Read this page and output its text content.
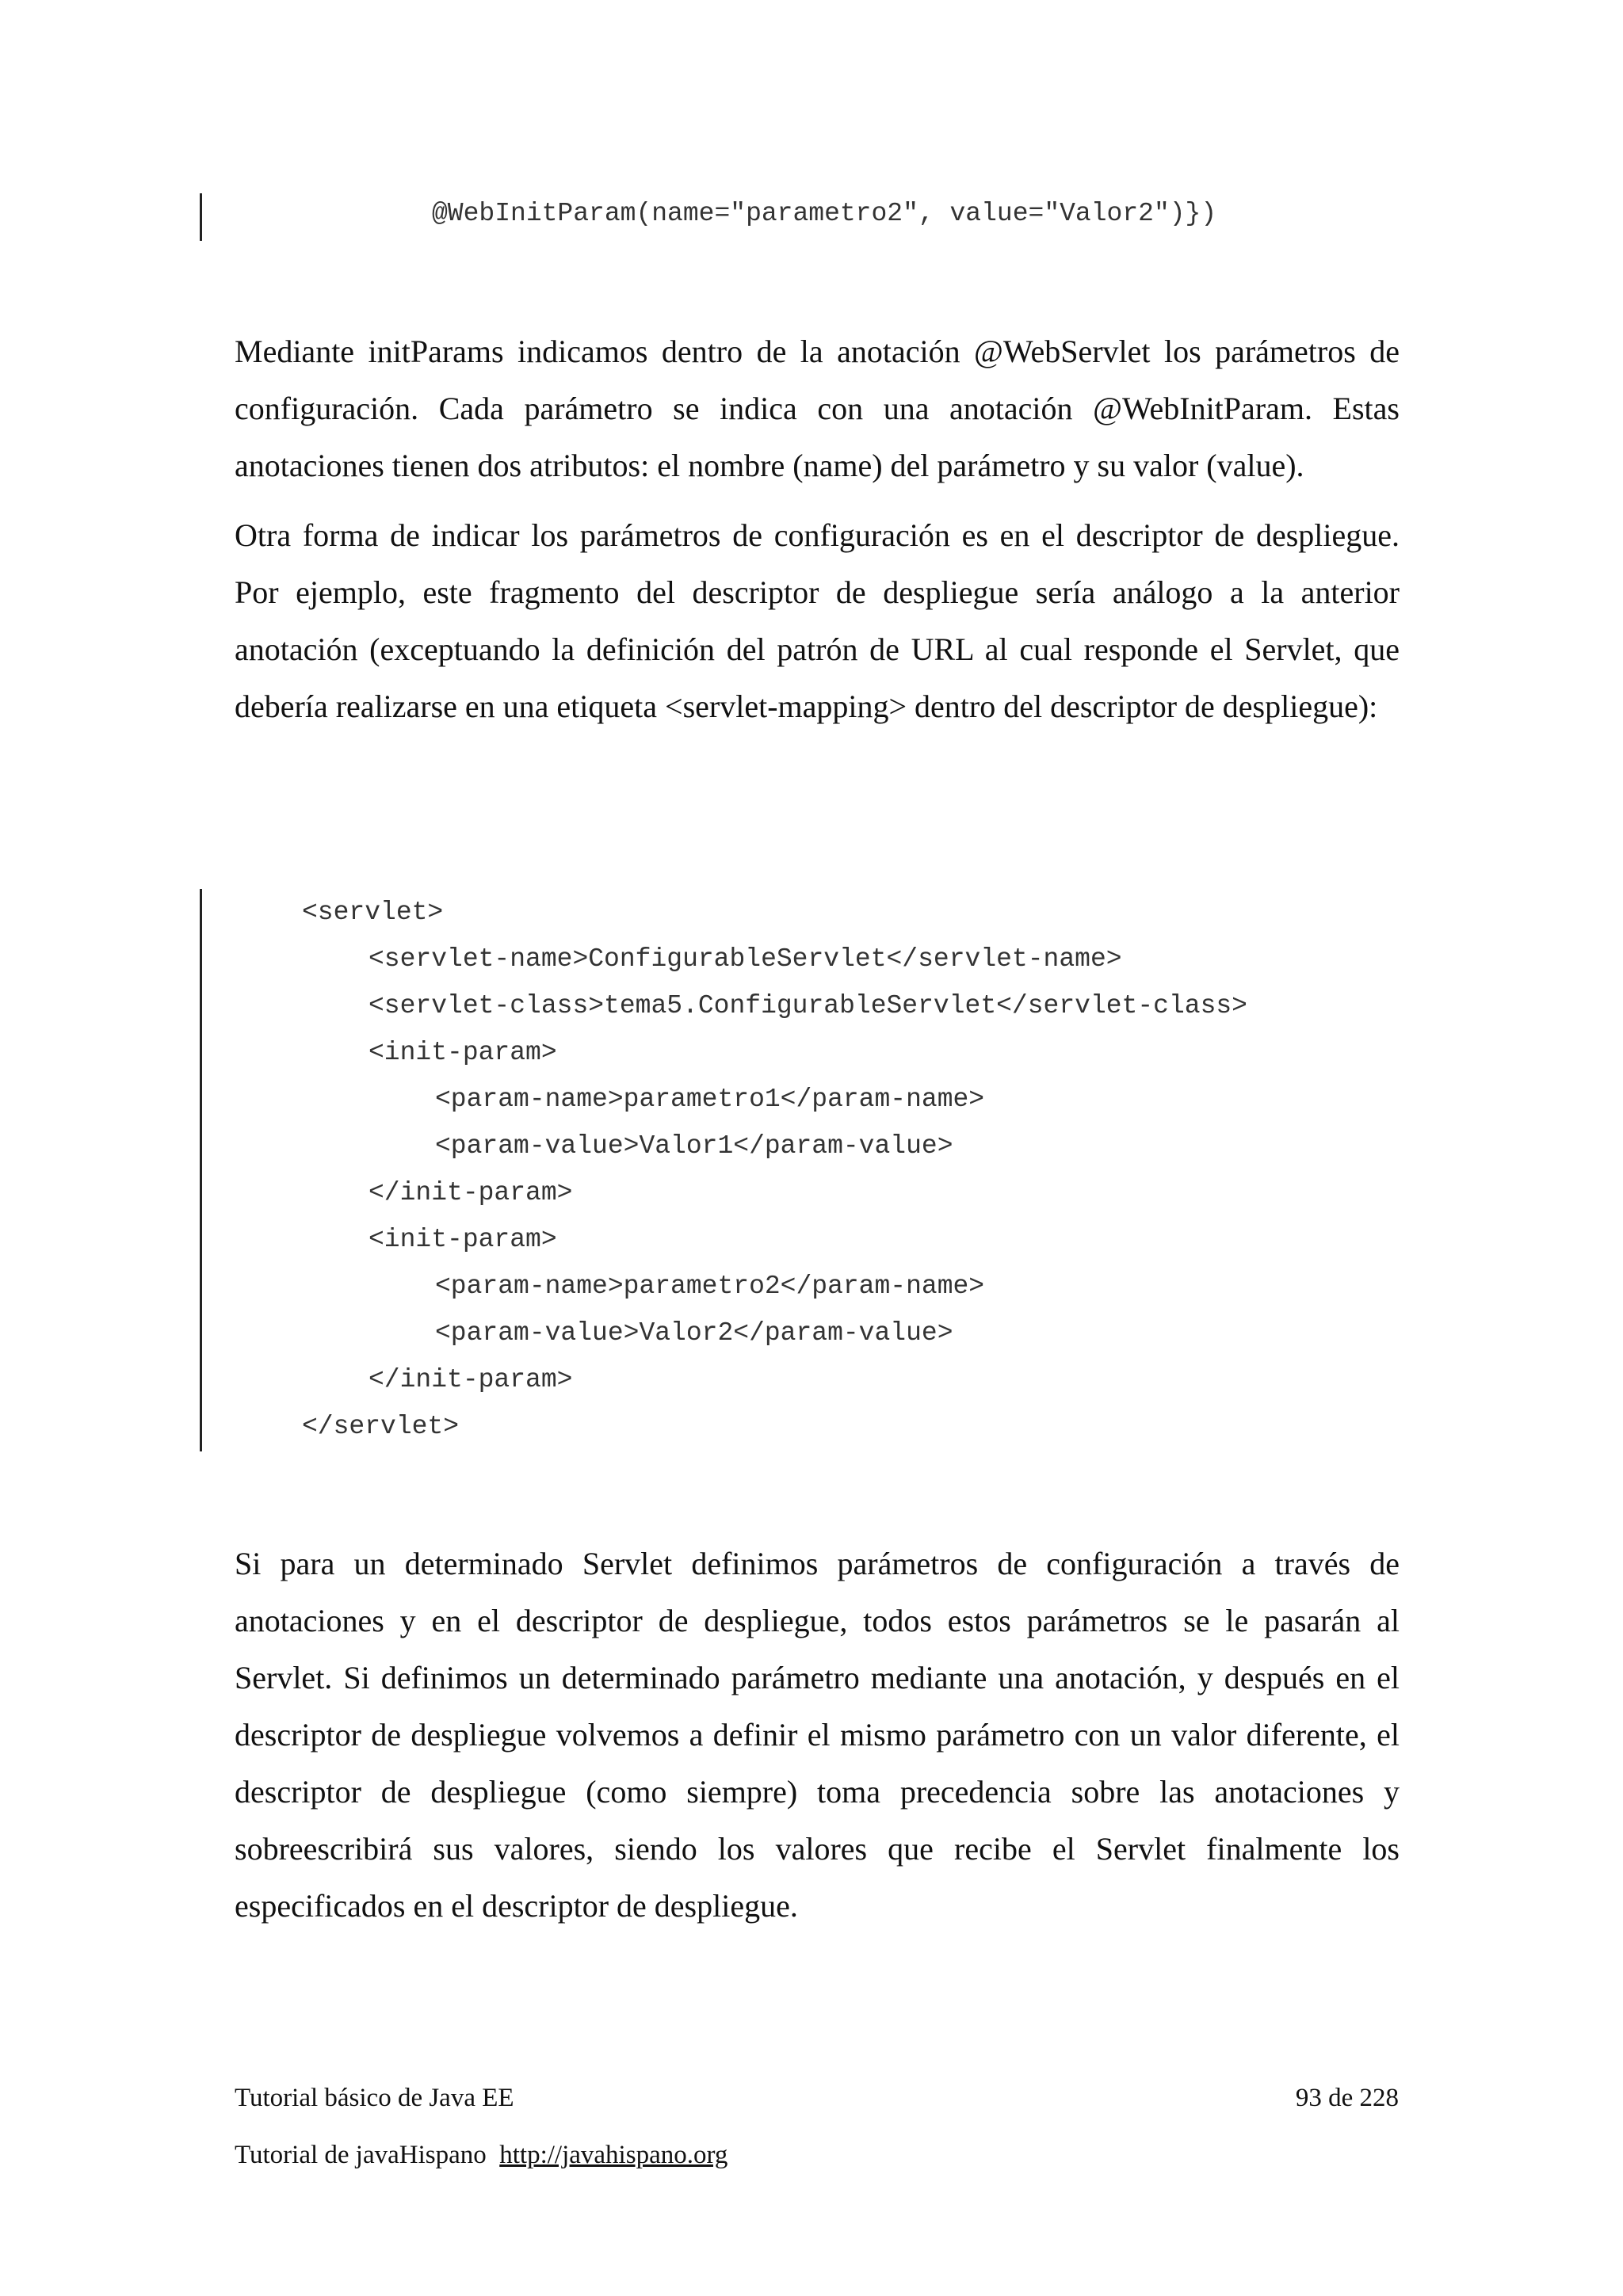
@WebInitParam(name="parametro2", value="Valor2")})

Mediante initParams indicamos dentro de la anotación @WebServlet los parámetros de configuración. Cada parámetro se indica con una anotación @WebInitParam. Estas anotaciones tienen dos atributos: el nombre (name) del parámetro y su valor (value).

Otra forma de indicar los parámetros de configuración es en el descriptor de despliegue. Por ejemplo, este fragmento del descriptor de despliegue sería análogo a la anterior anotación (exceptuando la definición del patrón de URL al cual responde el Servlet, que debería realizarse en una etiqueta <servlet-mapping> dentro del descriptor de despliegue):

<servlet>
<servlet-name>ConfigurableServlet</servlet-name>
<servlet-class>tema5.ConfigurableServlet</servlet-class>
<init-param>
<param-name>parametro1</param-name>
<param-value>Valor1</param-value>
</init-param>
<init-param>
<param-name>parametro2</param-name>
<param-value>Valor2</param-value>
</init-param>
</servlet>

Si para un determinado Servlet definimos parámetros de configuración a través de anotaciones y en el descriptor de despliegue, todos estos parámetros se le pasarán al Servlet. Si definimos un determinado parámetro mediante una anotación, y después en el descriptor de despliegue volvemos a definir el mismo parámetro con un valor diferente, el descriptor de despliegue (como siempre) toma precedencia sobre las anotaciones y sobreescribirá sus valores, siendo los valores que recibe el Servlet finalmente los especificados en el descriptor de despliegue.

Tutorial básico de Java EE	93 de 228
Tutorial de javaHispano http://javahispano.org
